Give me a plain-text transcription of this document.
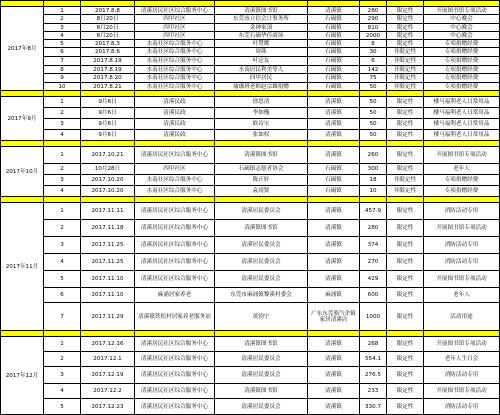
2017年8月	1	2017.8.8	清溪居民社区综合服务中心	清溪镇图书馆	清溪镇	280	限定性	开展图书馆专项活动
	2	8月20日	四甲社区	东莞市立信会计事务所	石碣镇	290	限定性	中心晚会
	3	8月20日	四甲社区	金神家顶	石碣镇	810	限定性	中心晚会
	4	8月20日	四甲社区	东莞石碣华佳商场	石碣镇	2000	限定性	中心晚会
	5	2017.8.3	水南社区综合服务中心	叶赞鹰	石碣镇	8	限定性	专项捐赠经费
	6	2017.8.6	水南社区综合服务中心	周韩	石碣镇	30	非限定性	专项捐赠经费
	7	2017.8.19	水南社区综合服务中心	叶定友	石碣镇	6	非限定性	专项捐赠经费
	8	2017.8.19	水南社区综合服务中心	水南居民利美等人	石碣镇	142	非限定性	专项捐赠经费
	9	2017.8.20	水南社区综合服务中心	四甲居民	石碣镇	75	非限定性	专项捐赠经费
	10	2017.8.21	水南社区综合服务中心	瑜珈班老师赵宗雄捐赠	石碣镇	50	非限定性	专项捐赠经费

2017年9月	1	9月6日	清溪民政	徐思清	清溪镇	50	限定性	楼马福利老人日常用品
	2	9月6日	清溪民政	李如槐	清溪镇	50	限定性	楼马福利老人日常用品
	3	9月6日	清溪民政	欧诗宝	清溪镇	50	限定性	楼马福利老人日常用品
	4	9月6日	清溪民政	张如权	清溪镇	50	限定性	楼马福利老人日常用品

2017年10月	1	2017.10.21	清溪居民社区综合服务中心	清溪镇图书馆	清溪镇	260	限定性	开展图书馆专项活动
	2	10月28日	四甲社区	石碣镇志愿者协会	石碣镇	300	限定性	老年人
	3	2017.10.20	水南社区综合服务中心	陈正轩	石碣镇	18	非限定性	专项捐赠经费
	4	2017.10.20	水南社区综合服务中心	袁靖贤	石碣镇	10	非限定性	专项捐赠经费

2017年11月	1	2017.11.11	清溪居民社区综合服务中心	清溪居民委员会	清溪镇	457.9	限定性	消防活动专用
	2	2017.11.18	清溪居民社区综合服务中心	清溪镇图书馆	清溪镇	280	限定性	开展图书馆专项活动
	3	2017.11.25	清溪居民社区综合服务中心	清溪居民委员会	清溪镇	374	限定性	消防活动专用
	4	2017.11.25	清溪居民社区综合服务中心	清溪居民委员会	清溪镇	270	限定性	消防活动专用
	5	2017.11.10	清溪居民社区综合服务中心	清溪居民委员会	清溪镇	429	限定性	开展图书馆专项活动
	6	2017.11.10	麻涌居家养老	东莞市麻涌镇黎溪村委会	麻涌镇	600	限定性	老年人
	7	2017.11.29	清溪镇铁松村居家养老服务站	黄钧宁	广东东莞骆气企镇家居清溪店	1000	限定性	活动用途

2017年12月	1	2017.12.16	清溪居民社区综合服务中心	清溪镇图书馆	清溪镇	268	限定性	开展图书馆专项活动
	2	2017.12.1	清溪居民社区综合服务中心	清溪居民委员会	清溪镇	554.1	限定性	老年人生日会
	3	2017.12.19	清溪居民社区综合服务中心	清溪居民委员会	清溪镇	276.5	限定性	消防活动专用
	4	2017.12.2	清溪居民社区综合服务中心	清溪镇图书馆	清溪镇	233	限定性	开展图书馆专项活动
	5	2017.12.23	清溪居民社区综合服务中心	清溪居民委员会	清溪镇	330.7	限定性	消防活动专用
